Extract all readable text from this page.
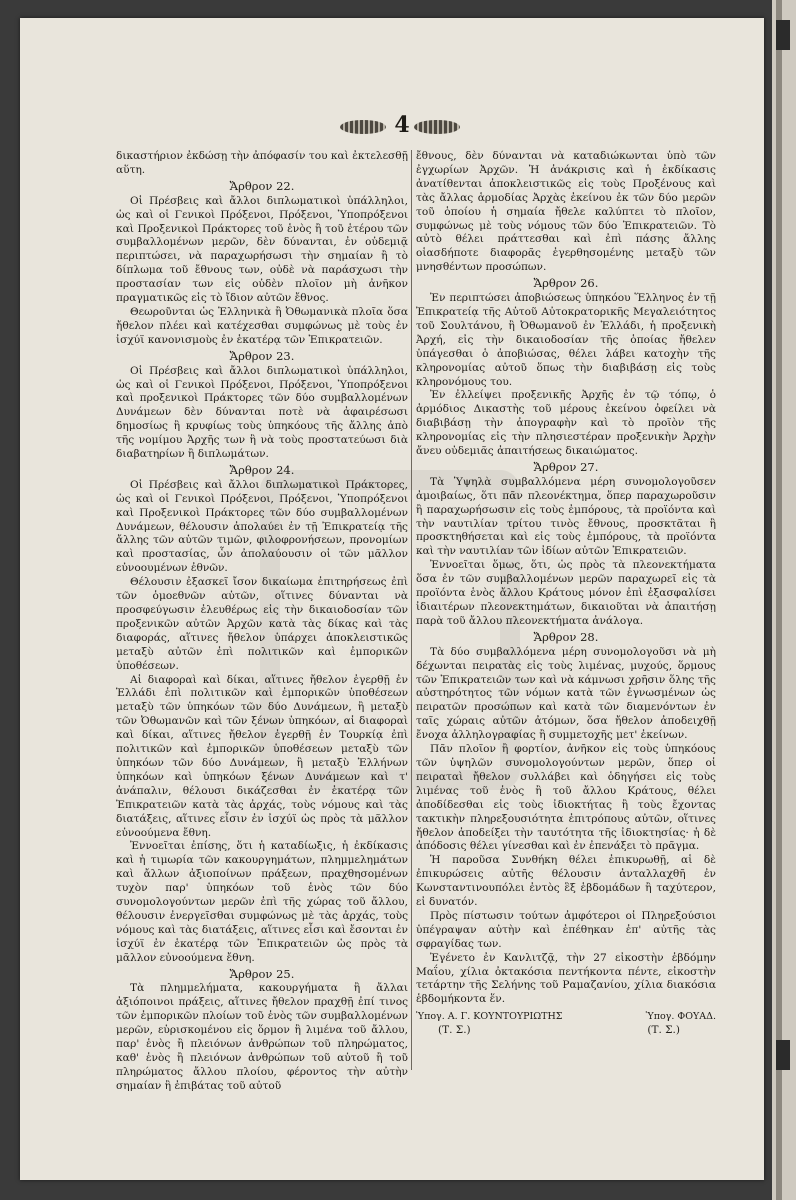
4
δικαστήριον ἐκδώσῃ τὴν ἀπόφασίν του καὶ ἐκτελεσθῇ αὕτη.
Ἄρθρον 22.
Οἱ Πρέσβεις καὶ ἄλλοι διπλωματικοὶ ὑπάλληλοι, ὡς καὶ οἱ Γενικοὶ Πρόξενοι, Πρόξενοι, Ὑποπρόξενοι καὶ Προξενικοὶ Πράκτορες τοῦ ἑνὸς ἢ τοῦ ἑτέρου τῶν συμβαλλομένων μερῶν, δὲν δύνανται, ἐν οὐδεμιᾷ περιπτώσει, νὰ παραχωρήσωσι τὴν σημαίαν ἢ τὸ δίπλωμα τοῦ ἔθνους των, οὐδὲ νὰ παράσχωσι τὴν προστασίαν των εἰς οὐδὲν πλοῖον μὴ ἀνῆκον πραγματικῶς εἰς τὸ ἴδιον αὐτῶν ἔθνος.
Θεωροῦνται ὡς Ἑλληνικὰ ἢ Ὀθωμανικὰ πλοῖα ὅσα ἤθελον πλέει καὶ κατέχεσθαι συμφώνως μὲ τοὺς ἐν ἰσχύϊ κανονισμοὺς ἐν ἑκατέρᾳ τῶν Ἐπικρατειῶν.
Ἄρθρον 23.
Οἱ Πρέσβεις καὶ ἄλλοι διπλωματικοὶ ὑπάλληλοι, ὡς καὶ οἱ Γενικοὶ Πρόξενοι, Πρόξενοι, Ὑποπρόξενοι καὶ προξενικοὶ Πράκτορες τῶν δύο συμβαλλομένων Δυνάμεων δὲν δύνανται ποτὲ νὰ ἀφαιρέσωσι δημοσίως ἢ κρυφίως τοὺς ὑπηκόους τῆς ἄλλης ἀπὸ τῆς νομίμου Ἀρχῆς των ἢ νὰ τοὺς προστατεύωσι διὰ διαβατηρίων ἢ διπλωμάτων.
Ἄρθρον 24.
Οἱ Πρέσβεις καὶ ἄλλοι διπλωματικοὶ Πράκτορες, ὡς καὶ οἱ Γενικοὶ Πρόξενοι, Πρόξενοι, Ὑποπρόξενοι καὶ Προξενικοὶ Πράκτορες τῶν δύο συμβαλλομένων Δυνάμεων, θέλουσιν ἀπολαύει ἐν τῇ Ἐπικρατείᾳ τῆς ἄλλης τῶν αὐτῶν τιμῶν, φιλοφρονήσεων, προνομίων καὶ προστασίας, ὧν ἀπολαύουσιν οἱ τῶν μᾶλλον εὐνοουμένων ἐθνῶν.
Θέλουσιν ἐξασκεῖ ἴσον δικαίωμα ἐπιτηρήσεως ἐπὶ τῶν ὁμοεθνῶν αὐτῶν, οἵτινες δύνανται νὰ προσφεύγωσιν ἐλευθέρως εἰς τὴν δικαιοδοσίαν τῶν προξενικῶν αὐτῶν Ἀρχῶν κατὰ τὰς δίκας καὶ τὰς διαφοράς, αἵτινες ἤθελον ὑπάρχει ἀποκλειστικῶς μεταξὺ αὐτῶν ἐπὶ πολιτικῶν καὶ ἐμπορικῶν ὑποθέσεων.
Αἱ διαφοραὶ καὶ δίκαι, αἵτινες ἤθελον ἐγερθῇ ἐν Ἑλλάδι ἐπὶ πολιτικῶν καὶ ἐμπορικῶν ὑποθέσεων μεταξὺ τῶν ὑπηκόων τῶν δύο Δυνάμεων, ἢ μεταξὺ τῶν Ὀθωμανῶν καὶ τῶν ξένων ὑπηκόων, αἱ διαφοραὶ καὶ δίκαι, αἵτινες ἤθελον ἐγερθῇ ἐν Τουρκίᾳ ἐπὶ πολιτικῶν καὶ ἐμπορικῶν ὑποθέσεων μεταξὺ τῶν ὑπηκόων τῶν δύο Δυνάμεων, ἢ μεταξὺ Ἑλλήνων ὑπηκόων καὶ ὑπηκόων ξένων Δυνάμεων καὶ τ' ἀνάπαλιν, θέλουσι δικάζεσθαι ἐν ἑκατέρᾳ τῶν Ἐπικρατειῶν κατὰ τὰς ἀρχάς, τοὺς νόμους καὶ τὰς διατάξεις, αἵτινες εἶσιν ἐν ἰσχύϊ ὡς πρὸς τὰ μᾶλλον εὐνοούμενα ἔθνη.
Ἐννοεῖται ἐπίσης, ὅτι ἡ καταδίωξις, ἡ ἐκδίκασις καὶ ἡ τιμωρία τῶν κακουργημάτων, πλημμελημάτων καὶ ἄλλων ἀξιοποίνων πράξεων, πραχθησομένων τυχὸν παρ' ὑπηκόων τοῦ ἑνὸς τῶν δύο συνομολογούντων μερῶν ἐπὶ τῆς χώρας τοῦ ἄλλου, θέλουσιν ἐνεργεῖσθαι συμφώνως μὲ τὰς ἀρχάς, τοὺς νόμους καὶ τὰς διατάξεις, αἵτινες εἶσι καὶ ἔσονται ἐν ἰσχύϊ ἐν ἑκατέρᾳ τῶν Ἐπικρατειῶν ὡς πρὸς τὰ μᾶλλον εὐνοούμενα ἔθνη.
Ἄρθρον 25.
Τὰ πλημμελήματα, κακουργήματα ἢ ἄλλαι ἀξιόποινοι πράξεις, αἵτινες ἤθελον πραχθῇ ἐπί τινος τῶν ἐμπορικῶν πλοίων τοῦ ἑνὸς τῶν συμβαλλομένων μερῶν, εὑρισκομένου εἰς ὅρμον ἢ λιμένα τοῦ ἄλλου, παρ' ἑνὸς ἢ πλειόνων ἀνθρώπων τοῦ πληρώματος, καθ' ἑνὸς ἢ πλειόνων ἀνθρώπων τοῦ αὐτοῦ ἢ τοῦ πληρώματος ἄλλου πλοίου, φέροντος τὴν αὐτὴν σημαίαν ἢ ἐπιβάτας τοῦ αὐτοῦ
ἔθνους, δὲν δύνανται νὰ καταδιώκωνται ὑπὸ τῶν ἐγχωρίων Ἀρχῶν. Ἡ ἀνάκρισις καὶ ἡ ἐκδίκασις ἀνατίθενται ἀποκλειστικῶς εἰς τοὺς Προξένους καὶ τὰς ἄλλας ἁρμοδίας Ἀρχὰς ἐκείνου ἐκ τῶν δύο μερῶν τοῦ ὁποίου ἡ σημαία ἤθελε καλύπτει τὸ πλοῖον, συμφώνως μὲ τοὺς νόμους τῶν δύο Ἐπικρατειῶν. Τὸ αὐτὸ θέλει πράττεσθαι καὶ ἐπὶ πάσης ἄλλης οἱασδήποτε διαφορᾶς ἐγερθησομένης μεταξὺ τῶν μνησθέντων προσώπων.
Ἄρθρον 26.
Ἐν περιπτώσει ἀποβιώσεως ὑπηκόου Ἕλληνος ἐν τῇ Ἐπικρατείᾳ τῆς Αὐτοῦ Αὐτοκρατορικῆς Μεγαλειότητος τοῦ Σουλτάνου, ἢ Ὀθωμανοῦ ἐν Ἑλλάδι, ἡ προξενικὴ Ἀρχή, εἰς τὴν δικαιοδοσίαν τῆς ὁποίας ἤθελεν ὑπάγεσθαι ὁ ἀποβιώσας, θέλει λάβει κατοχὴν τῆς κληρονομίας αὐτοῦ ὅπως τὴν διαβιβάσῃ εἰς τοὺς κληρονόμους του.
Ἐν ἐλλείψει προξενικῆς Ἀρχῆς ἐν τῷ τόπῳ, ὁ ἁρμόδιος Δικαστὴς τοῦ μέρους ἐκείνου ὀφείλει νὰ διαβιβάσῃ τὴν ἀπογραφὴν καὶ τὸ προϊὸν τῆς κληρονομίας εἰς τὴν πλησιεστέραν προξενικὴν Ἀρχὴν ἄνευ οὐδεμιᾶς ἀπαιτήσεως δικαιώματος.
Ἄρθρον 27.
Τὰ Ὑψηλὰ συμβαλλόμενα μέρη συνομολογοῦσεν ἀμοιβαίως, ὅτι πᾶν πλεονέκτημα, ὅπερ παραχωροῦσιν ἢ παραχωρήσωσιν εἰς τοὺς ἐμπόρους, τὰ προϊόντα καὶ τὴν ναυτιλίαν τρίτου τινὸς ἔθνους, προσκτᾶται ἢ προσκτηθήσεται καὶ εἰς τοὺς ἐμπόρους, τὰ προϊόντα καὶ τὴν ναυτιλίαν τῶν ἰδίων αὐτῶν Ἐπικρατειῶν.
Ἐννοεῖται ὅμως, ὅτι, ὡς πρὸς τὰ πλεονεκτήματα ὅσα ἐν τῶν συμβαλλομένων μερῶν παραχωρεῖ εἰς τὰ προϊόντα ἑνὸς ἄλλου Κράτους μόνον ἐπὶ ἐξασφαλίσει ἰδιαιτέρων πλεονεκτημάτων, δικαιοῦται νὰ ἀπαιτήσῃ παρὰ τοῦ ἄλλου πλεονεκτήματα ἀνάλογα.
Ἄρθρον 28.
Τὰ δύο συμβαλλόμενα μέρη συνομολογοῦσι νὰ μὴ δέχωνται πειρατὰς εἰς τοὺς λιμένας, μυχούς, ὅρμους τῶν Ἐπικρατειῶν των καὶ νὰ κάμνωσι χρῆσιν ὅλης τῆς αὐστηρότητος τῶν νόμων κατὰ τῶν ἐγνωσμένων ὡς πειρατῶν προσώπων καὶ κατὰ τῶν διαμενόντων ἐν ταῖς χώραις αὐτῶν ἀτόμων, ὅσα ἤθελον ἀποδειχθῇ ἔνοχα ἀλληλογραφίας ἢ συμμετοχῆς μετ' ἐκείνων.
Πᾶν πλοῖον ἢ φορτίον, ἀνῆκον εἰς τοὺς ὑπηκόους τῶν ὑψηλῶν συνομολογούντων μερῶν, ὅπερ οἱ πειραταὶ ἤθελον συλλάβει καὶ ὁδηγήσει εἰς τοὺς λιμένας τοῦ ἑνὸς ἢ τοῦ ἄλλου Κράτους, θέλει ἀποδίδεσθαι εἰς τοὺς ἰδιοκτήτας ἢ τοὺς ἔχοντας τακτικὴν πληρεξουσιότητα ἐπιτρόπους αὐτῶν, οἵτινες ἤθελον ἀποδείξει τὴν ταυτότητα τῆς ἰδιοκτησίας· ἡ δὲ ἀπόδοσις θέλει γίνεσθαι καὶ ἐν ἐπενάξει τὸ πρᾶγμα.
Ἡ παροῦσα Συνθήκη θέλει ἐπικυρωθῇ, αἱ δὲ ἐπικυρώσεις αὐτῆς θέλουσιν ἀνταλλαχθῆ ἐν Κωνσταντινουπόλει ἐντὸς ἓξ ἑβδομάδων ἢ ταχύτερον, εἰ δυνατόν.
Πρὸς πίστωσιν τούτων ἀμφότεροι οἱ Πληρεξούσιοι ὑπέγραψαν αὐτὴν καὶ ἐπέθηκαν ἐπ' αὐτῆς τὰς σφραγίδας των.
Ἐγένετο ἐν Κανλιτζᾷ, τὴν 27 εἰκοστὴν ἑβδόμην Μαΐου, χίλια ὀκτακόσια πεντήκοντα πέντε, εἰκοστὴν τετάρτην τῆς Σελήνης τοῦ Ραμαζανίου, χίλια διακόσια ἑβδομήκοντα ἕν.
Ὑπογ. Α. Γ. ΚΟΥΝΤΟΥΡΙΩΤΗΣ	Ὑπογ. ΦΟΥΑΔ.
(Τ. Σ.)	(Τ. Σ.)
